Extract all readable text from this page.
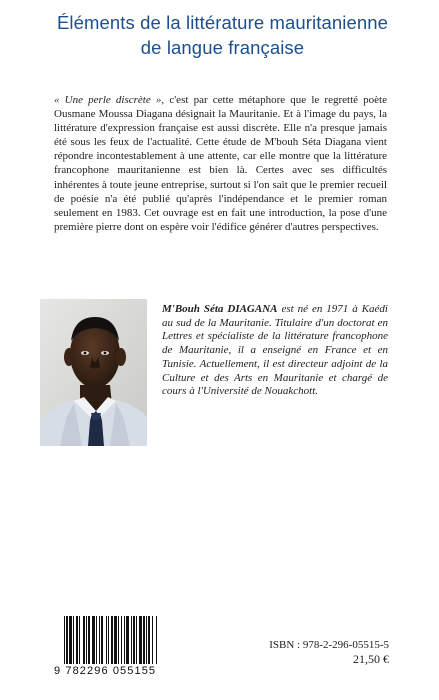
Éléments de la littérature mauritanienne
de langue française

« Une perle discrète », c'est par cette métaphore que le regretté poète Ousmane Moussa Diagana désignait la Mauritanie. Et à l'image du pays, la littérature d'expression française est aussi discrète. Elle n'a presque jamais été sous les feux de l'actualité. Cette étude de M'bouh Séta Diagana vient répondre incontestablement à une attente, car elle montre que la littérature francophone mauritanienne est bien là. Certes avec ses difficultés inhérentes à toute jeune entreprise, surtout si l'on sait que le premier recueil de poésie n'a été publié qu'après l'indépendance et le premier roman seulement en 1983. Cet ouvrage est en fait une introduction, la pose d'une première pierre dont on espère voir l'édifice générer d'autres perspectives.

M'Bouh Séta DIAGANA est né en 1971 à Kaédi au sud de la Mauritanie. Titulaire d'un doctorat en Lettres et spécialiste de la littérature francophone de Mauritanie, il a enseigné en France et en Tunisie. Actuellement, il est directeur adjoint de la Culture et des Arts en Mauritanie et chargé de cours à l'Université de Nouakchott.

9 782296 055155
ISBN : 978-2-296-05515-5
21,50 €
